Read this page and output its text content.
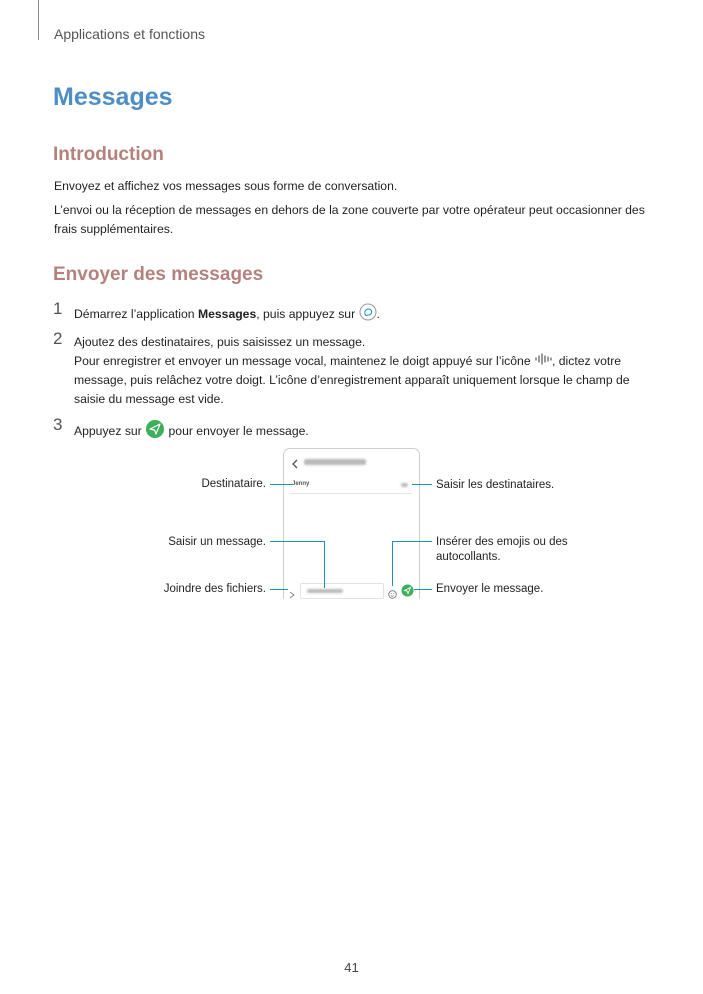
Applications et fonctions
Messages
Introduction

Envoyez et affichez vos messages sous forme de conversation.

L’envoi ou la réception de messages en dehors de la zone couverte par votre opérateur peut occasionner des frais supplémentaires.

Envoyer des messages
1 Démarrez l’application Messages, puis appuyez sur .
2 Ajoutez des destinataires, puis saisissez un message.
Pour enregistrer et envoyer un message vocal, maintenez le doigt appuyé sur l’icône , dictez votre message, puis relâchez votre doigt. L’icône d’enregistrement apparaît uniquement lorsque le champ de saisie du message est vide.
3 Appuyez sur  pour envoyer le message.
Jenny
Destinataire.	Saisir les destinataires.
Saisir un message.	Insérer des emojis ou des autocollants.
Joindre des fichiers.	Envoyer le message.
41
